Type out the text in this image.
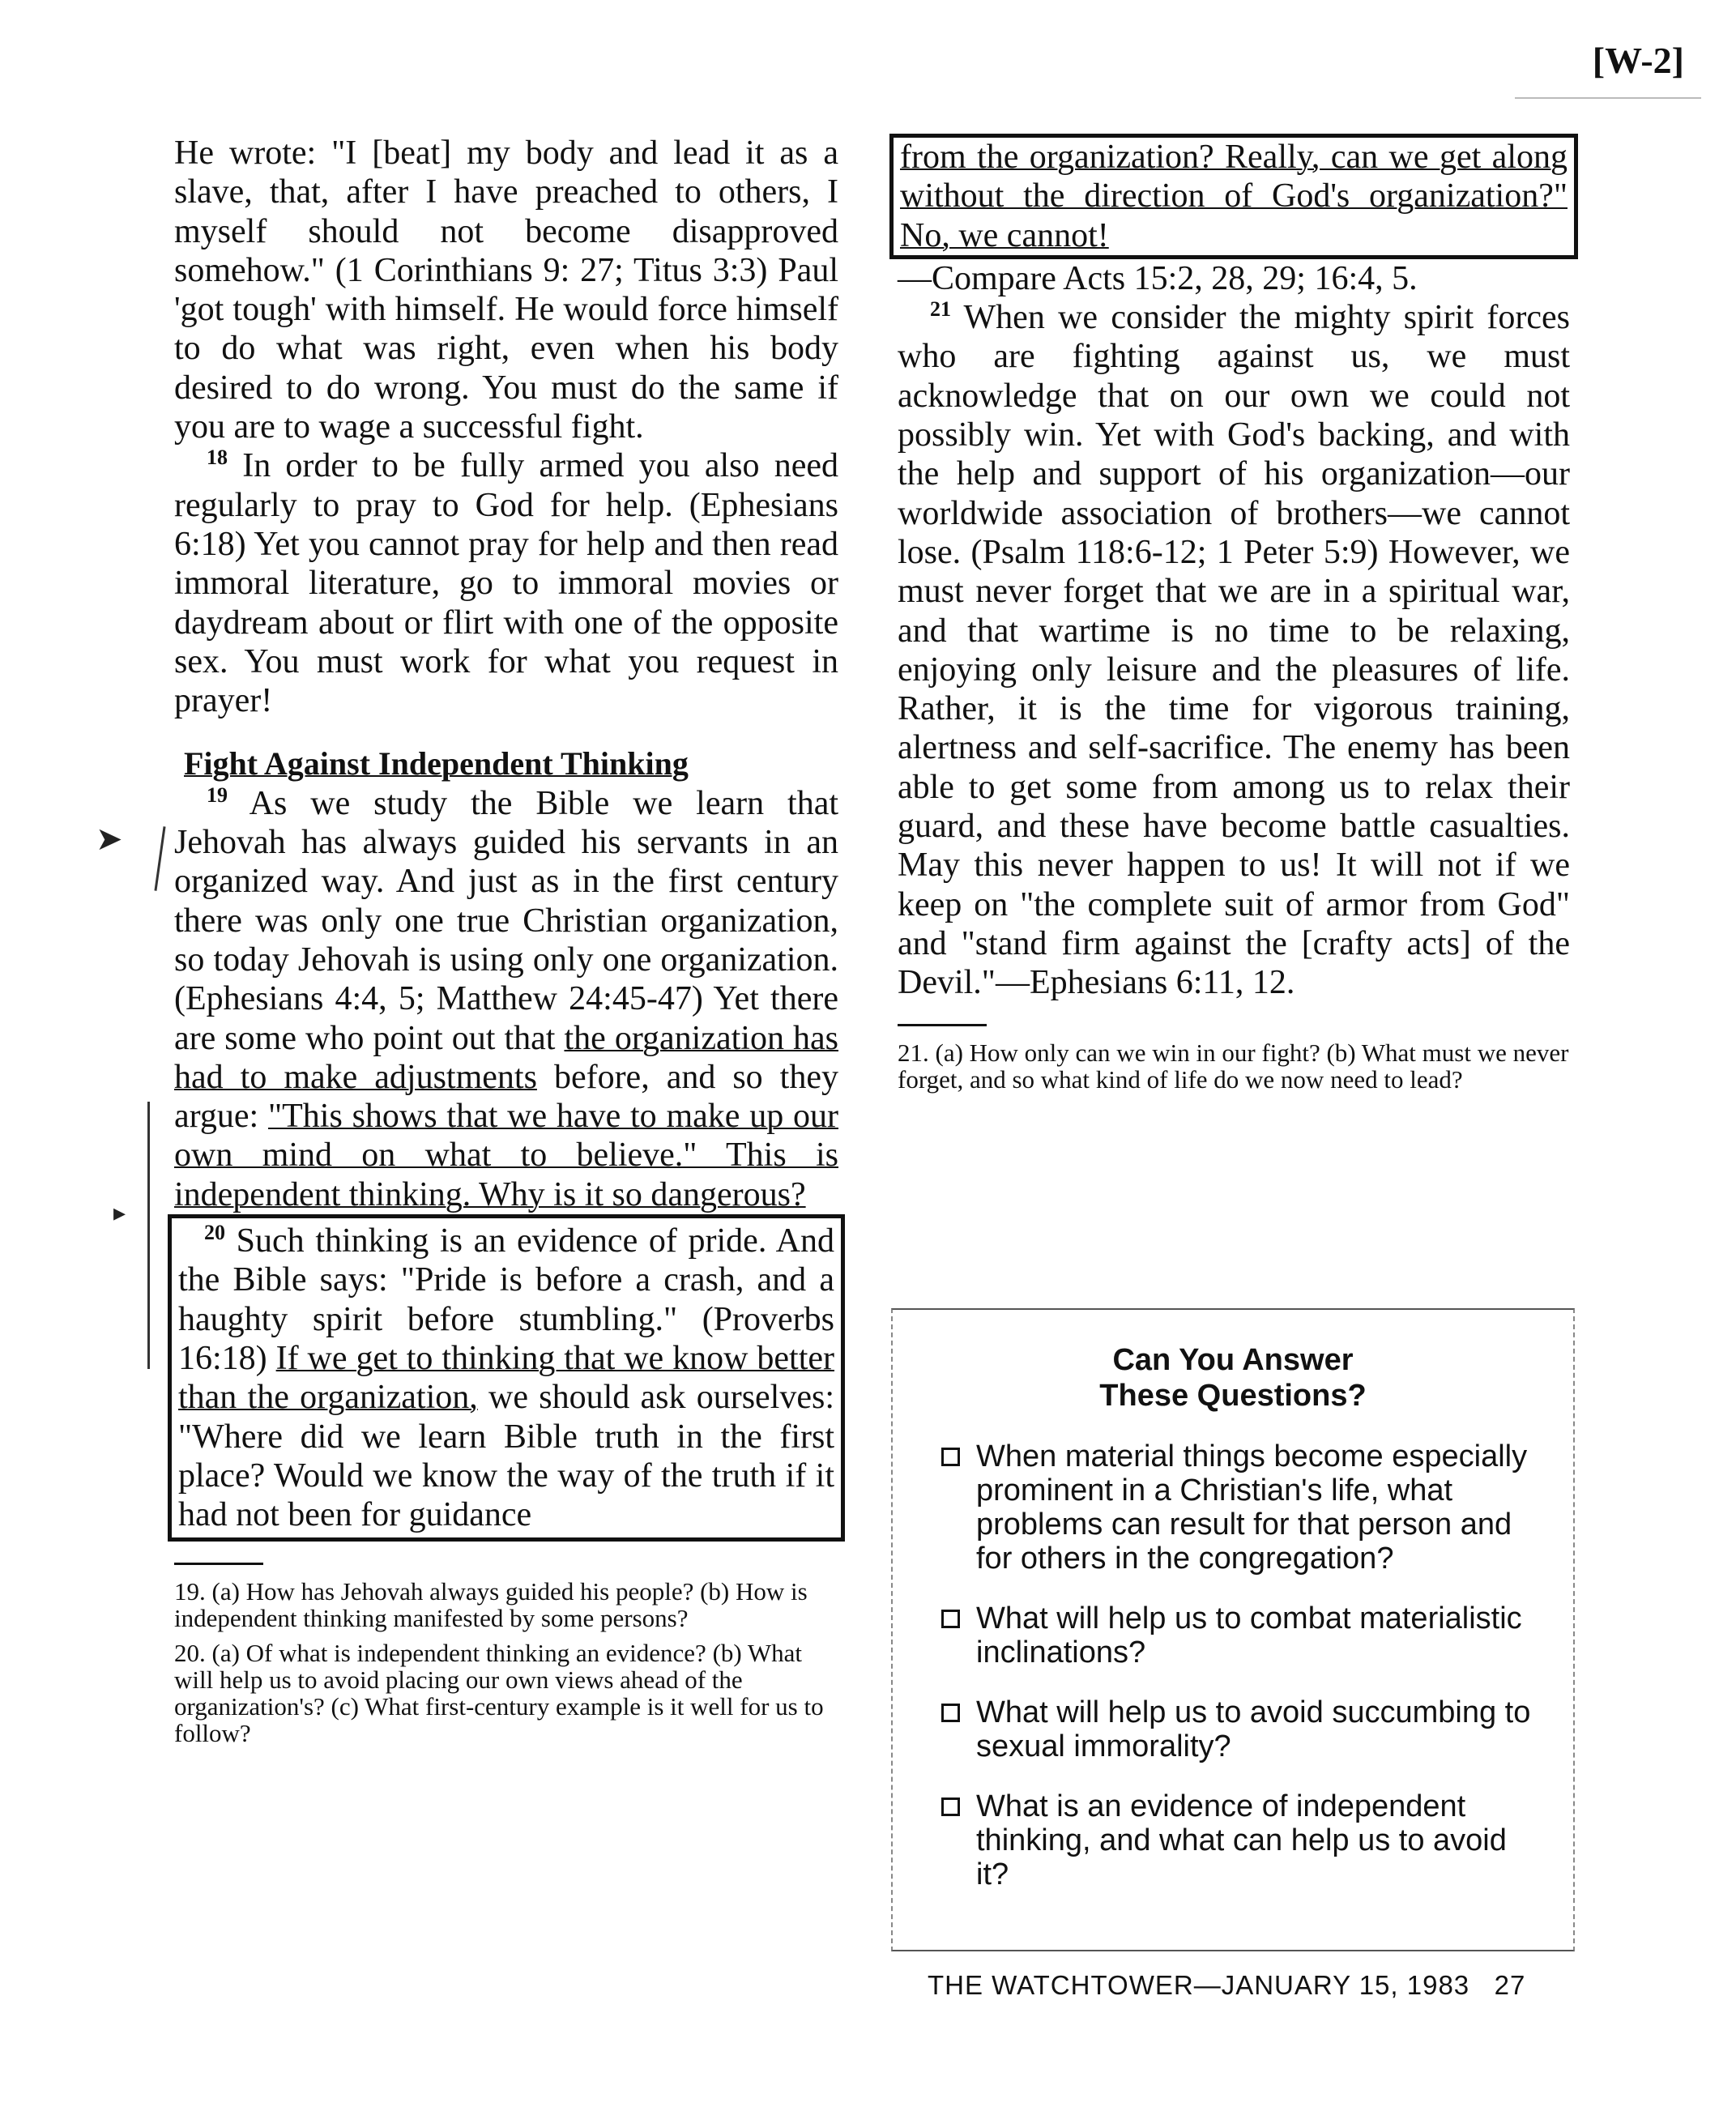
[W-2]
➤
▸

He wrote: "I [beat] my body and lead it as a slave, that, after I have preached to others, I myself should not become disapproved somehow." (1 Corinthians 9: 27; Titus 3:3) Paul 'got tough' with himself. He would force himself to do what was right, even when his body desired to do wrong. You must do the same if you are to wage a successful fight.

$^{18}$ In order to be fully armed you also need regularly to pray to God for help. (Ephesians 6:18) Yet you cannot pray for help and then read immoral literature, go to immoral movies or daydream about or flirt with one of the opposite sex. You must work for what you request in prayer!

Fight Against Independent Thinking

$^{19}$ As we study the Bible we learn that Jehovah has always guided his servants in an organized way. And just as in the first century there was only one true Christian organization, so today Jehovah is using only one organization. (Ephesians 4:4, 5; Matthew 24:45-47) Yet there are some who point out that the organization has had to make adjustments before, and so they argue: "This shows that we have to make up our own mind on what to believe." This is independent thinking. Why is it so dangerous?

$^{20}$ Such thinking is an evidence of pride. And the Bible says: "Pride is before a crash, and a haughty spirit before stumbling." (Proverbs 16:18) If we get to thinking that we know better than the organization, we should ask ourselves: "Where did we learn Bible truth in the first place? Would we know the way of the truth if it had not been for guidance

19. (a) How has Jehovah always guided his people? (b) How is independent thinking manifested by some persons?

20. (a) Of what is independent thinking an evidence? (b) What will help us to avoid placing our own views ahead of the organization's? (c) What first-century example is it well for us to follow?

from the organization? Really, can we get along without the direction of God's organization?" No, we cannot!
—Compare Acts 15:2, 28, 29; 16:4, 5.

$^{21}$ When we consider the mighty spirit forces who are fighting against us, we must acknowledge that on our own we could not possibly win. Yet with God's backing, and with the help and support of his organization—our worldwide association of brothers—we cannot lose. (Psalm 118:6-12; 1 Peter 5:9) However, we must never forget that we are in a spiritual war, and that wartime is no time to be relaxing, enjoying only leisure and the pleasures of life. Rather, it is the time for vigorous training, alertness and self-sacrifice. The enemy has been able to get some from among us to relax their guard, and these have become battle casualties. May this never happen to us! It will not if we keep on "the complete suit of armor from God" and "stand firm against the [crafty acts] of the Devil."—Ephesians 6:11, 12.

21. (a) How only can we win in our fight? (b) What must we never forget, and so what kind of life do we now need to lead?

Can You Answer
These Questions?
When material things become especially prominent in a Christian's life, what problems can result for that person and for others in the congregation?
What will help us to combat materialistic inclinations?
What will help us to avoid succumbing to sexual immorality?
What is an evidence of independent thinking, and what can help us to avoid it?
THE WATCHTOWER—JANUARY 15, 1983   27
